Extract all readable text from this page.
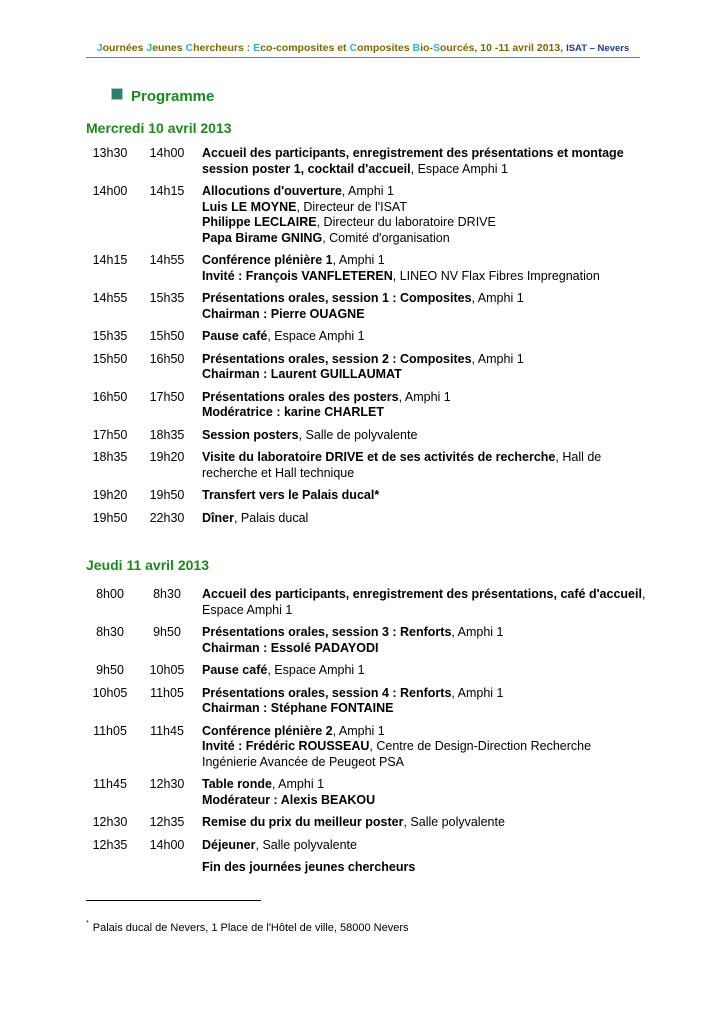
Journées Jeunes Chercheurs : Eco-composites et Composites Bio-Sourcés, 10 -11 avril 2013, ISAT – Nevers
Programme
Mercredi 10 avril 2013
13h30	14h00	Accueil des participants, enregistrement des présentations et montage session poster 1, cocktail d'accueil, Espace Amphi 1
14h00	14h15	Allocutions d'ouverture, Amphi 1
Luis LE MOYNE, Directeur de l'ISAT
Philippe LECLAIRE, Directeur du laboratoire DRIVE
Papa Birame GNING, Comité d'organisation
14h15	14h55	Conférence plénière 1, Amphi 1
Invité : François VANFLETEREN, LINEO NV Flax Fibres Impregnation
14h55	15h35	Présentations orales, session 1 : Composites, Amphi 1
Chairman : Pierre OUAGNE
15h35	15h50	Pause café, Espace Amphi 1
15h50	16h50	Présentations orales, session 2 : Composites, Amphi 1
Chairman : Laurent GUILLAUMAT
16h50	17h50	Présentations orales des posters, Amphi 1
Modératrice : karine CHARLET
17h50	18h35	Session posters, Salle de polyvalente
18h35	19h20	Visite du laboratoire DRIVE et de ses activités de recherche, Hall de recherche et Hall technique
19h20	19h50	Transfert vers le Palais ducal*
19h50	22h30	Dîner, Palais ducal
Jeudi 11 avril 2013
8h00	8h30	Accueil des participants, enregistrement des présentations, café d'accueil, Espace Amphi 1
8h30	9h50	Présentations orales, session 3 : Renforts, Amphi 1
Chairman : Essolé PADAYODI
9h50	10h05	Pause café, Espace Amphi 1
10h05	11h05	Présentations orales, session 4 : Renforts, Amphi 1
Chairman : Stéphane FONTAINE
11h05	11h45	Conférence plénière 2, Amphi 1
Invité : Frédéric ROUSSEAU, Centre de Design-Direction Recherche Ingénierie Avancée de Peugeot PSA
11h45	12h30	Table ronde, Amphi 1
Modérateur : Alexis BEAKOU
12h30	12h35	Remise du prix du meilleur poster, Salle polyvalente
12h35	14h00	Déjeuner, Salle polyvalente
Fin des journées jeunes chercheurs
* Palais ducal de Nevers, 1 Place de l'Hôtel de ville, 58000 Nevers
